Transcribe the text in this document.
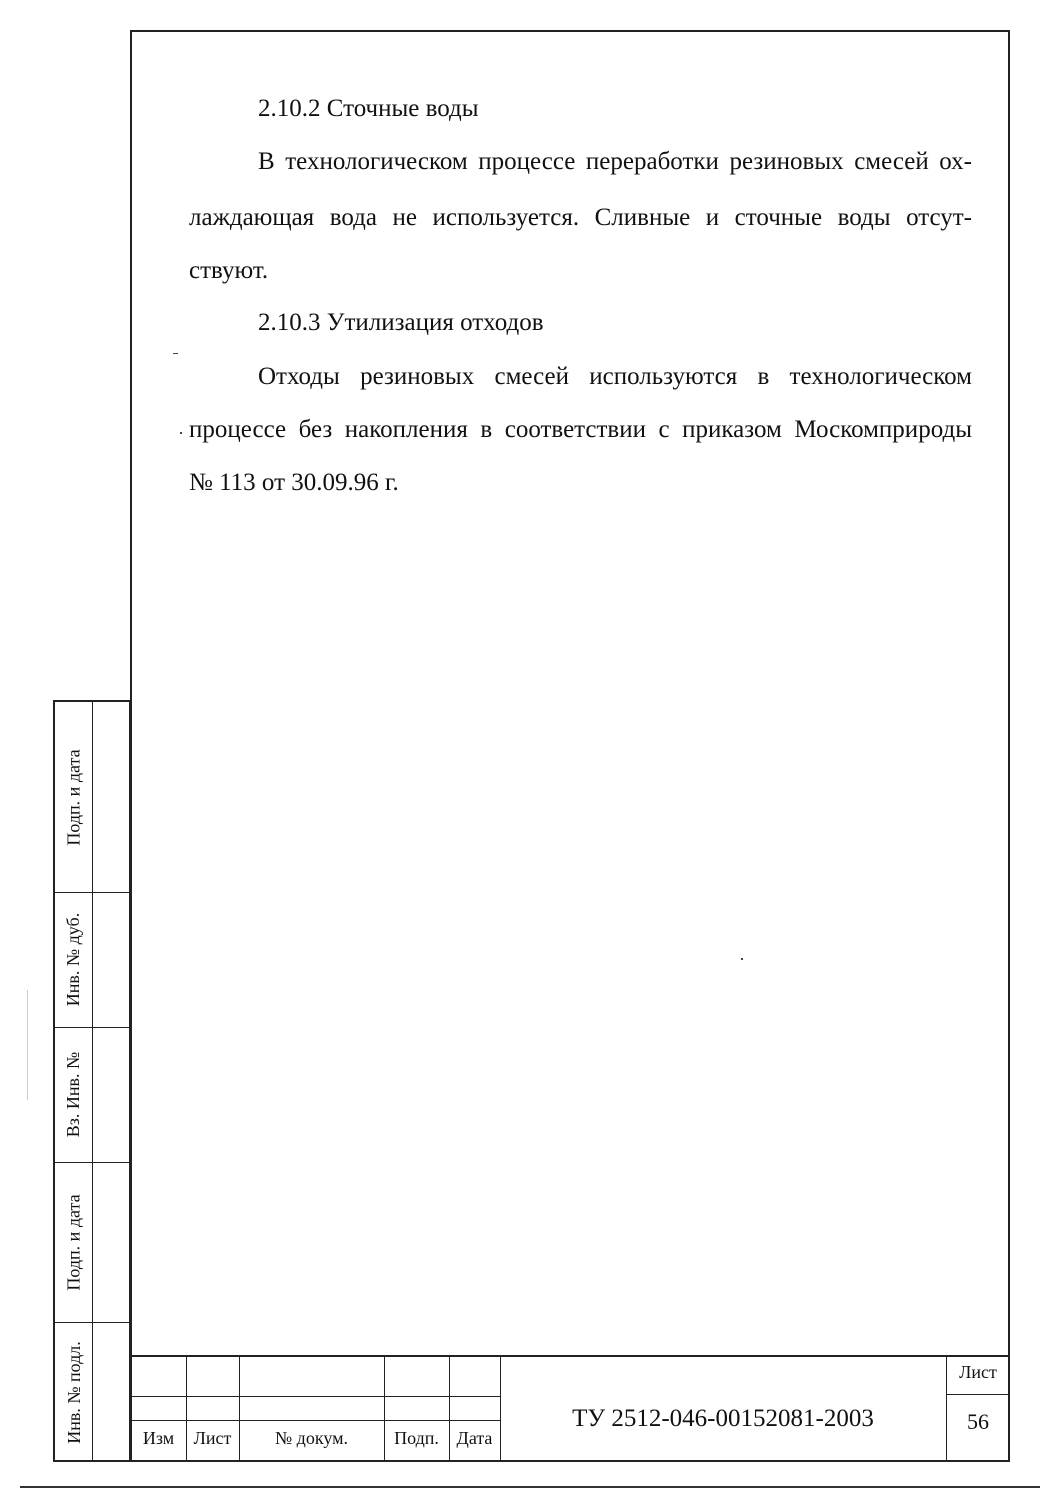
2.10.2 Сточные воды
В технологическом процессе переработки резиновых смесей ох-
лаждающая вода не используется. Сливные и сточные воды отсут-
ствуют.
2.10.3 Утилизация отходов
Отходы резиновых смесей используются в технологическом
процессе без накопления в соответствии с приказом Москомприроды
№ 113 от 30.09.96 г.
Подп. и дата
Инв. № дуб.
Вз. Инв. №
Подп. и дата
Инв. № подл.	Изм	Лист	№ докум.	Подп. Дата
ТУ 2512-046-00152081-2003
Лист
56
